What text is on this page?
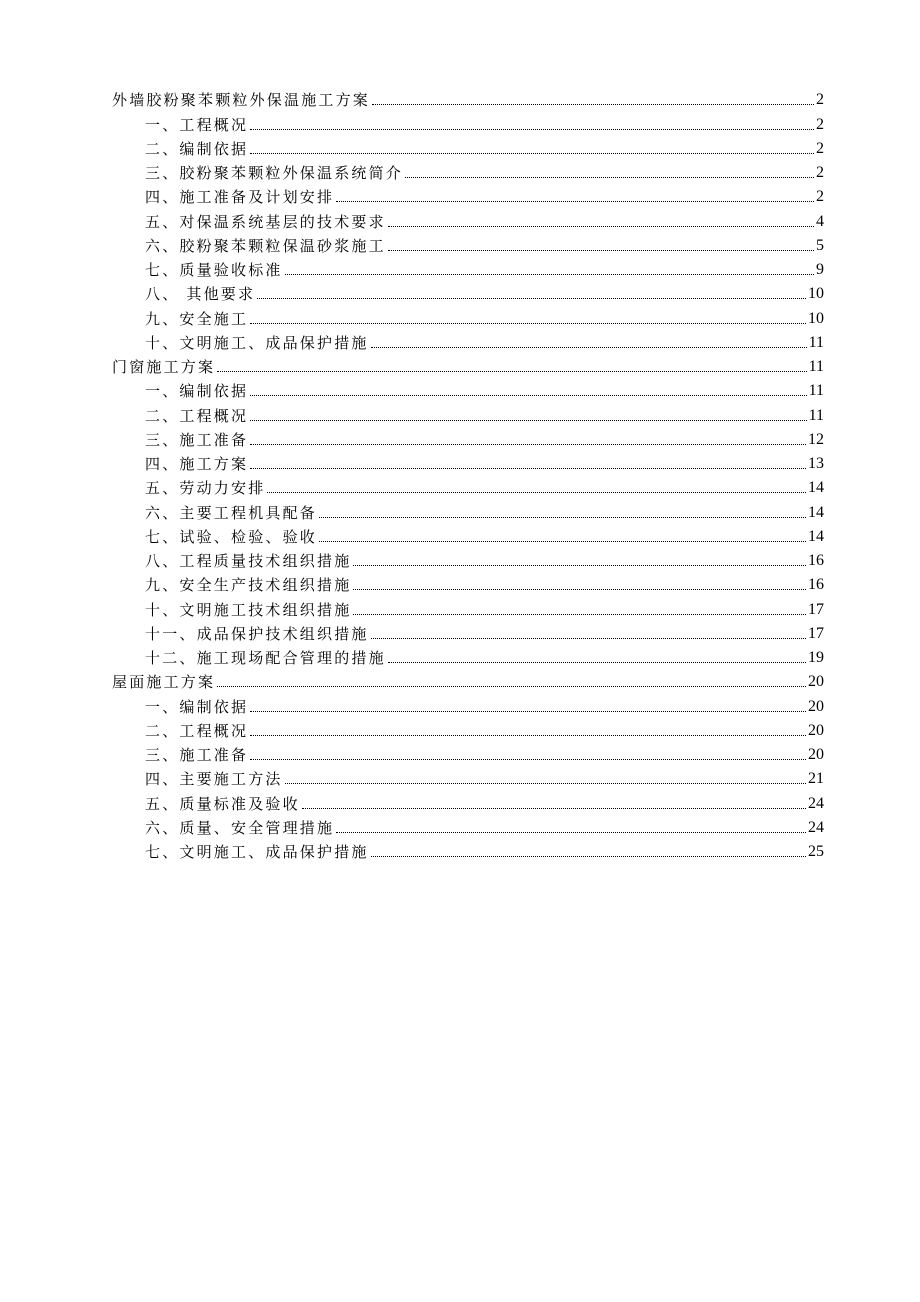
外墙胶粉聚苯颗粒外保温施工方案	2
一、工程概况	2
二、编制依据	2
三、胶粉聚苯颗粒外保温系统简介	2
四、施工准备及计划安排	2
五、对保温系统基层的技术要求	4
六、胶粉聚苯颗粒保温砂浆施工	5
七、质量验收标准	9
八、 其他要求	10
九、安全施工	10
十、文明施工、成品保护措施	11
门窗施工方案	11
一、编制依据	11
二、工程概况	11
三、施工准备	12
四、施工方案	13
五、劳动力安排	14
六、主要工程机具配备	14
七、试验、检验、验收	14
八、工程质量技术组织措施	16
九、安全生产技术组织措施	16
十、文明施工技术组织措施	17
十一、成品保护技术组织措施	17
十二、施工现场配合管理的措施	19
屋面施工方案	20
一、编制依据	20
二、工程概况	20
三、施工准备	20
四、主要施工方法	21
五、质量标准及验收	24
六、质量、安全管理措施	24
七、文明施工、成品保护措施	25
